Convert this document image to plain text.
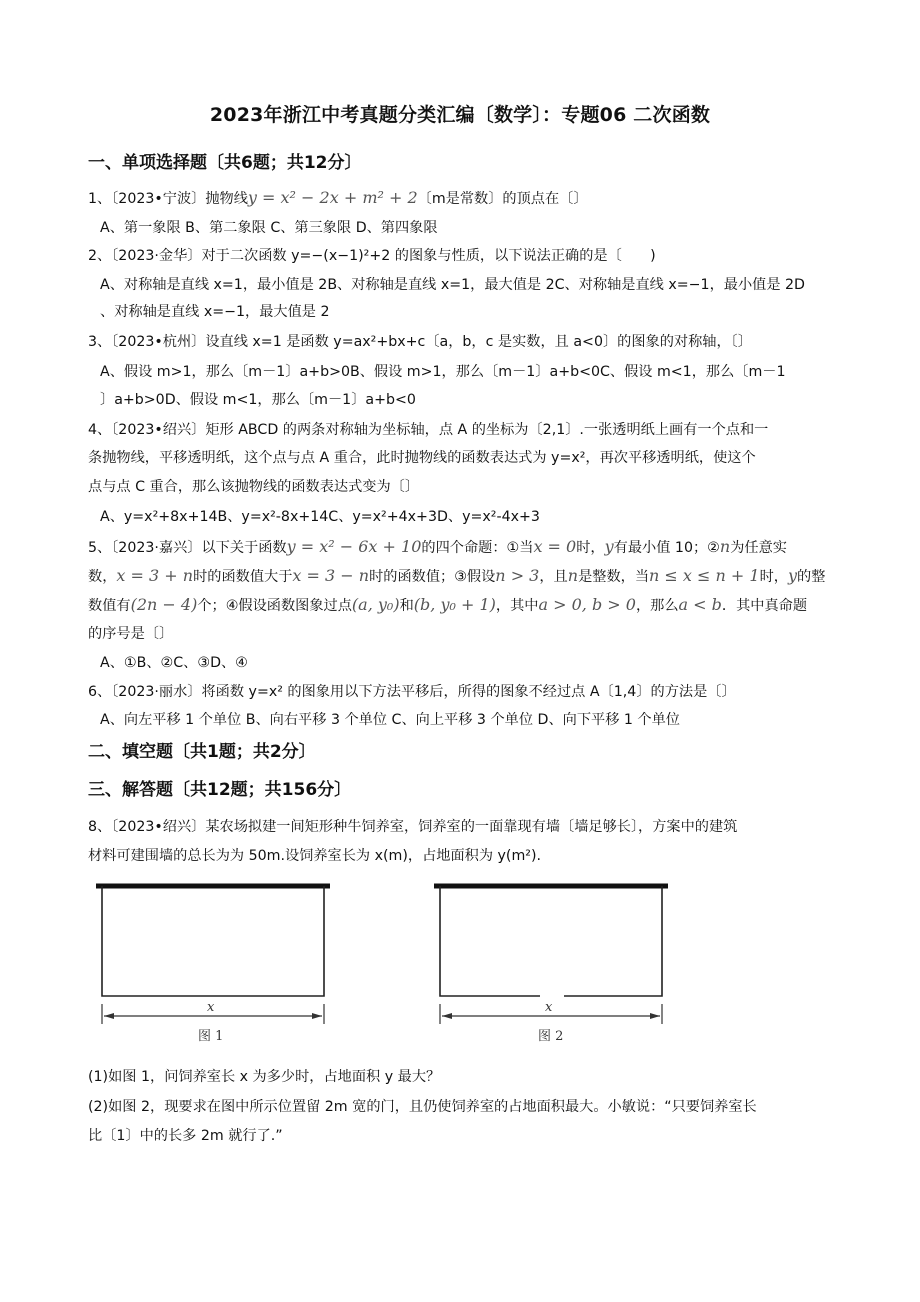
2023年浙江中考真题分类汇编〔数学〕：专题06 二次函数
一、单项选择题〔共6题；共12分〕
1、〔2023•宁波〕抛物线y = x² − 2x + m² + 2〔m是常数〕的顶点在〔〕
A、第一象限 B、第二象限 C、第三象限 D、第四象限
2、〔2023·金华〕对于二次函数 y=−(x−1)²+2 的图象与性质，以下说法正确的是〔　　)
A、对称轴是直线 x=1，最小值是 2B、对称轴是直线 x=1，最大值是 2C、对称轴是直线 x=−1，最小值是 2D
、对称轴是直线 x=−1，最大值是 2
3、〔2023•杭州〕设直线 x=1 是函数 y=ax²+bx+c〔a，b，c 是实数，且 a<0〕的图象的对称轴，〔〕
A、假设 m>1，那么〔m－1〕a+b>0B、假设 m>1，那么〔m－1〕a+b<0C、假设 m<1，那么〔m－1
〕a+b>0D、假设 m<1，那么〔m－1〕a+b<0
4、〔2023•绍兴〕矩形 ABCD 的两条对称轴为坐标轴，点 A 的坐标为〔2,1〕.一张透明纸上画有一个点和一
条抛物线，平移透明纸，这个点与点 A 重合，此时抛物线的函数表达式为 y=x²，再次平移透明纸，使这个
点与点 C 重合，那么该抛物线的函数表达式变为〔〕
A、y=x²+8x+14B、y=x²-8x+14C、y=x²+4x+3D、y=x²-4x+3
5、〔2023·嘉兴〕以下关于函数y = x² − 6x + 10的四个命题：①当x = 0时，y有最小值 10；②n为任意实
数，x = 3 + n时的函数值大于x = 3 − n时的函数值；③假设n > 3，且n是整数，当n ≤ x ≤ n + 1时，y的整
数值有(2n − 4)个；④假设函数图象过点(a, y₀)和(b, y₀ + 1)，其中a > 0, b > 0，那么a < b．其中真命题
的序号是〔〕
A、①B、②C、③D、④
6、〔2023·丽水〕将函数 y=x² 的图象用以下方法平移后，所得的图象不经过点 A〔1,4〕的方法是〔〕
A、向左平移 1 个单位 B、向右平移 3 个单位 C、向上平移 3 个单位 D、向下平移 1 个单位
二、填空题〔共1题；共2分〕
三、解答题〔共12题；共156分〕
8、〔2023•绍兴〕某农场拟建一间矩形种牛饲养室，饲养室的一面靠现有墙〔墙足够长〕，方案中的建筑
材料可建围墙的总长为为 50m.设饲养室长为 x(m)，占地面积为 y(m²).
x
图 1
x
图 2
(1)如图 1，问饲养室长 x 为多少时，占地面积 y 最大？
(2)如图 2，现要求在图中所示位置留 2m 宽的门，且仍使饲养室的占地面积最大。小敏说：“只要饲养室长
比〔1〕中的长多 2m 就行了.”
